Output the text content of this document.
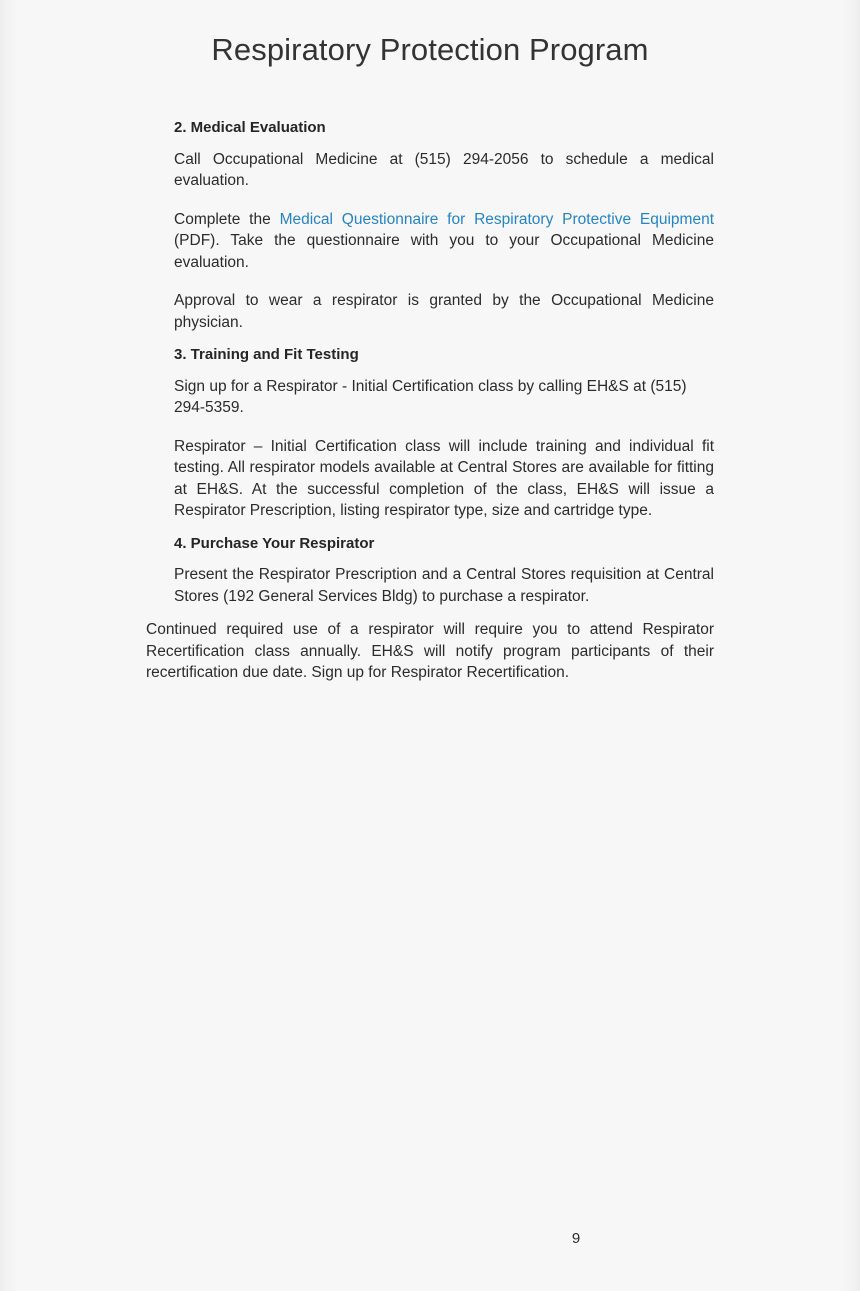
Respiratory Protection Program
2. Medical Evaluation

Call Occupational Medicine at (515) 294-2056 to schedule a medical evaluation.

Complete the Medical Questionnaire for Respiratory Protective Equipment (PDF). Take the questionnaire with you to your Occupational Medicine evaluation.

Approval to wear a respirator is granted by the Occupational Medicine physician.

3. Training and Fit Testing

Sign up for a Respirator - Initial Certification class by calling EH&S at (515) 294-5359.

Respirator – Initial Certification class will include training and individual fit testing. All respirator models available at Central Stores are available for fitting at EH&S. At the successful completion of the class, EH&S will issue a Respirator Prescription, listing respirator type, size and cartridge type.

4. Purchase Your Respirator

Present the Respirator Prescription and a Central Stores requisition at Central Stores (192 General Services Bldg) to purchase a respirator.

Continued required use of a respirator will require you to attend Respirator Recertification class annually. EH&S will notify program participants of their recertification due date. Sign up for Respirator Recertification.

9
